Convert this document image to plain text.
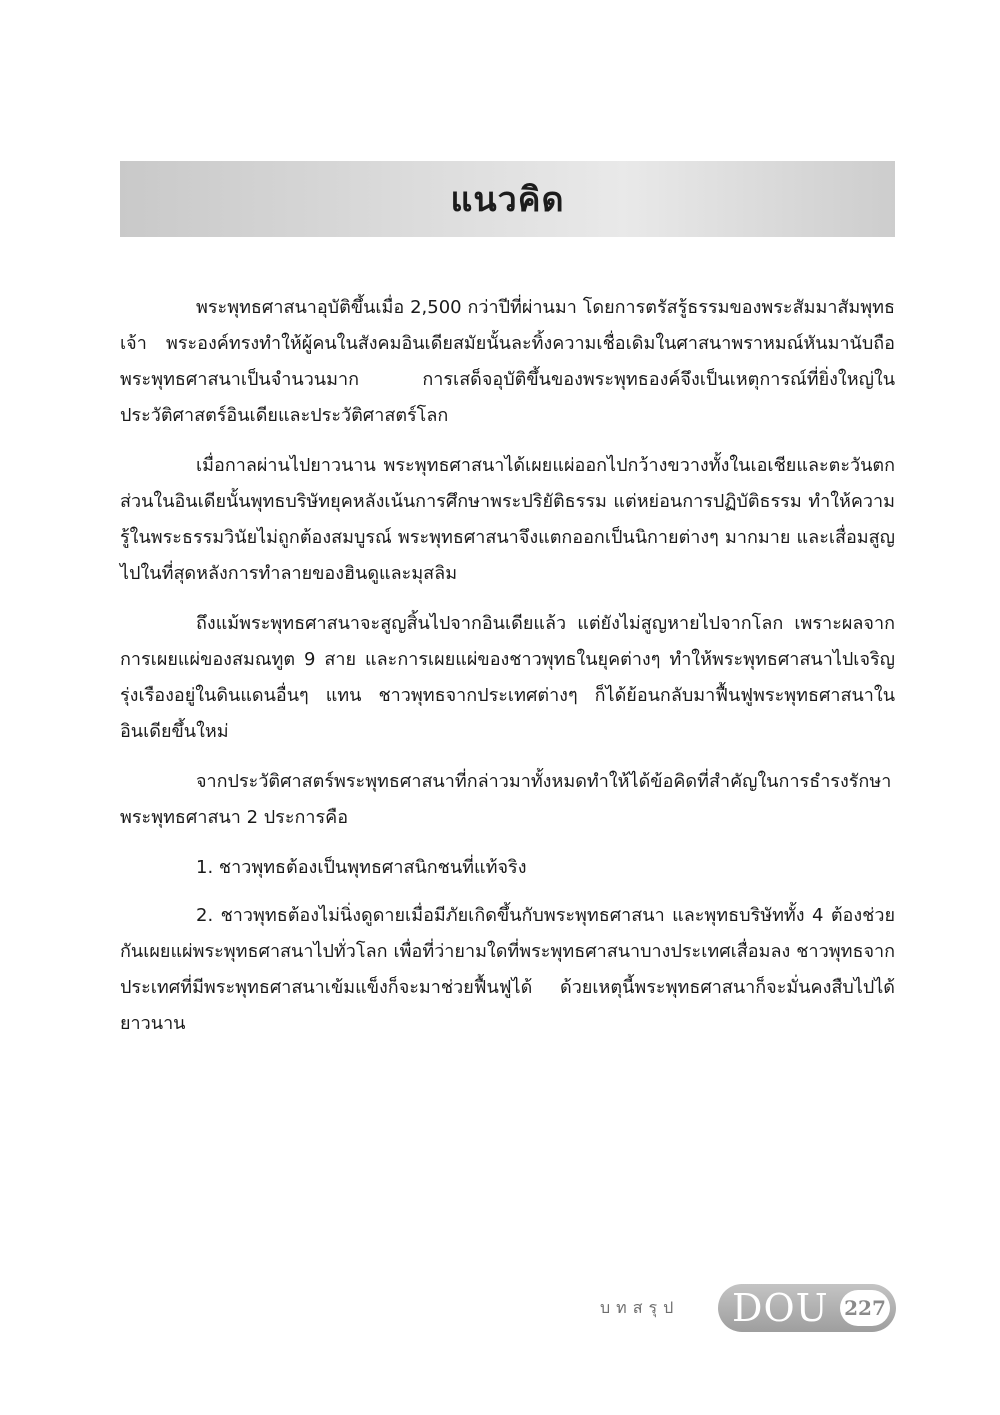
แนวคิด

พระพุทธศาสนาอุบัติขึ้นเมื่อ 2,500 กว่าปีที่ผ่านมา โดยการตรัสรู้ธรรมของพระสัมมาสัมพุทธเจ้า พระองค์ทรงทำให้ผู้คนในสังคมอินเดียสมัยนั้นละทิ้งความเชื่อเดิมในศาสนาพราหมณ์หันมานับถือพระพุทธศาสนาเป็นจำนวนมาก การเสด็จอุบัติขึ้นของพระพุทธองค์จึงเป็นเหตุการณ์ที่ยิ่งใหญ่ในประวัติศาสตร์อินเดียและประวัติศาสตร์โลก

เมื่อกาลผ่านไปยาวนาน พระพุทธศาสนาได้เผยแผ่ออกไปกว้างขวางทั้งในเอเชียและตะวันตก ส่วนในอินเดียนั้นพุทธบริษัทยุคหลังเน้นการศึกษาพระปริยัติธรรม แต่หย่อนการปฏิบัติธรรม ทำให้ความรู้ในพระธรรมวินัยไม่ถูกต้องสมบูรณ์ พระพุทธศาสนาจึงแตกออกเป็นนิกายต่างๆ มากมาย และเสื่อมสูญไปในที่สุดหลังการทำลายของฮินดูและมุสลิม

ถึงแม้พระพุทธศาสนาจะสูญสิ้นไปจากอินเดียแล้ว แต่ยังไม่สูญหายไปจากโลก เพราะผลจากการเผยแผ่ของสมณทูต 9 สาย และการเผยแผ่ของชาวพุทธในยุคต่างๆ ทำให้พระพุทธศาสนาไปเจริญรุ่งเรืองอยู่ในดินแดนอื่นๆ แทน ชาวพุทธจากประเทศต่างๆ ก็ได้ย้อนกลับมาฟื้นฟูพระพุทธศาสนาในอินเดียขึ้นใหม่

จากประวัติศาสตร์พระพุทธศาสนาที่กล่าวมาทั้งหมดทำให้ได้ข้อคิดที่สำคัญในการธำรงรักษาพระพุทธศาสนา 2 ประการคือ

1. ชาวพุทธต้องเป็นพุทธศาสนิกชนที่แท้จริง

2. ชาวพุทธต้องไม่นิ่งดูดายเมื่อมีภัยเกิดขึ้นกับพระพุทธศาสนา และพุทธบริษัททั้ง 4 ต้องช่วยกันเผยแผ่พระพุทธศาสนาไปทั่วโลก เพื่อที่ว่ายามใดที่พระพุทธศาสนาบางประเทศเสื่อมลง ชาวพุทธจากประเทศที่มีพระพุทธศาสนาเข้มแข็งก็จะมาช่วยฟื้นฟูได้ ด้วยเหตุนี้พระพุทธศาสนาก็จะมั่นคงสืบไปได้ยาวนาน

บทสรุป DOU 227
